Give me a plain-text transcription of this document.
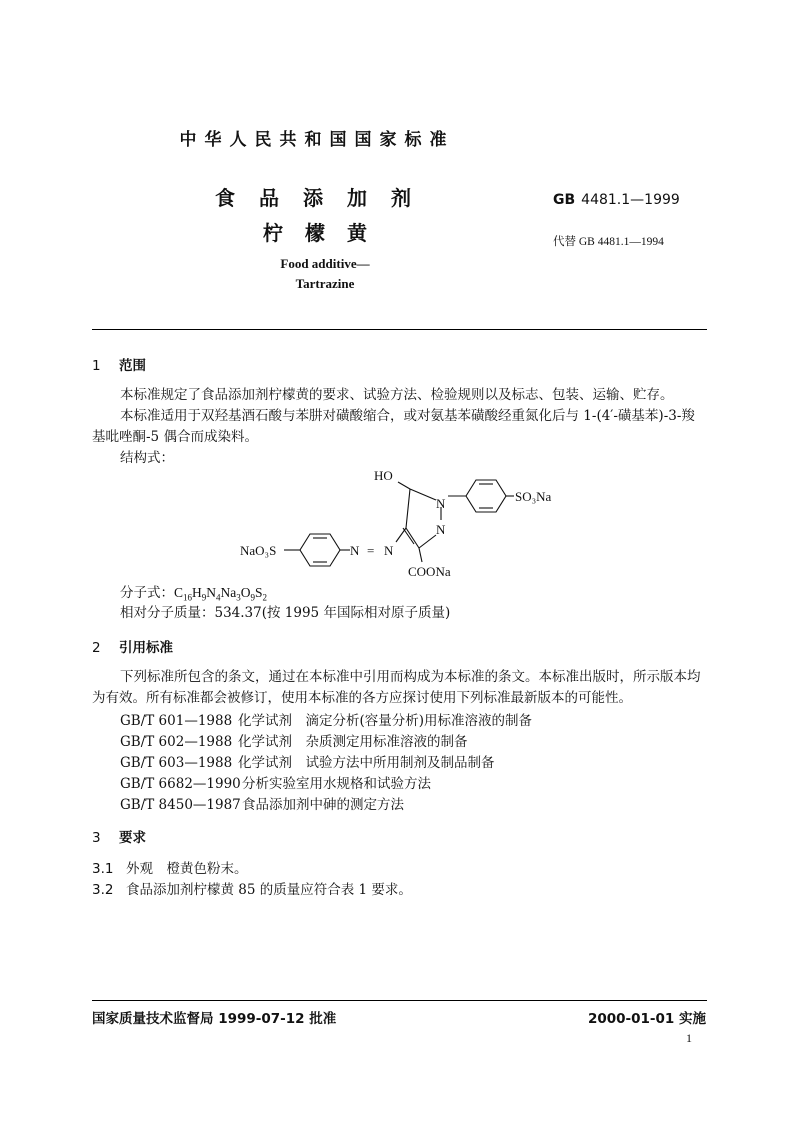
中华人民共和国国家标准
食品添加剂
柠檬黄
Food additive—
Tartrazine
GB 4481.1—1999
代替 GB 4481.1—1994
1 范围
本标准规定了食品添加剂柠檬黄的要求、试验方法、检验规则以及标志、包装、运输、贮存。
本标准适用于双羟基酒石酸与苯肼对磺酸缩合，或对氨基苯磺酸经重氮化后与 1-(4′-磺基苯)-3-羧基吡唑酮-5 偶合而成染料。
结构式：
HO
N
N
N = N
SO₃Na
NaO₃S
COONa
分子式：$C_{16}H_9N_4Na_3O_9S_2$
相对分子质量：534.37(按 1995 年国际相对原子质量)
2 引用标准
下列标准所包含的条文，通过在本标准中引用而构成为本标准的条文。本标准出版时，所示版本均为有效。所有标准都会被修订，使用本标准的各方应探讨使用下列标准最新版本的可能性。
GB/T 601—1988 化学试剂　滴定分析(容量分析)用标准溶液的制备
GB/T 602—1988 化学试剂　杂质测定用标准溶液的制备
GB/T 603—1988 化学试剂　试验方法中所用制剂及制品制备
GB/T 6682—1990分析实验室用水规格和试验方法
GB/T 8450—1987食品添加剂中砷的测定方法
3 要求
3.1 外观　橙黄色粉末。
3.2 食品添加剂柠檬黄 85 的质量应符合表 1 要求。
国家质量技术监督局 1999-07-12 批准	2000-01-01 实施
1
